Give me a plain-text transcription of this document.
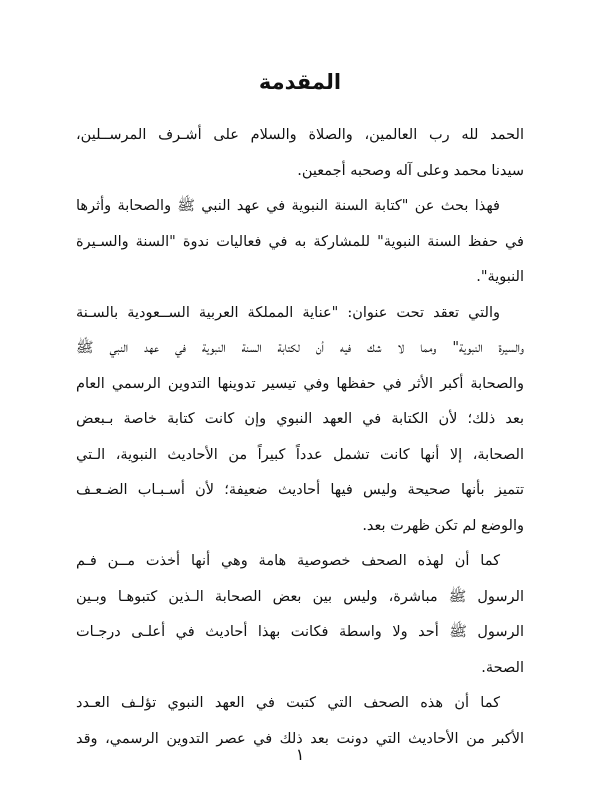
المقدمة
الحمد لله رب العالمين، والصلاة والسلام على أشـرف المرســلين،
سيدنا محمد وعلى آله وصحبه أجمعين.
فهذا بحث عن "كتابة السنة النبوية في عهد النبي ﷺ والصحابة وأثرها
في حفظ السنة النبوية" للمشاركة به في فعاليات ندوة "السنة والسـيرة
النبوية".
والتي تعقد تحت عنوان: "عناية المملكة العربية الســعودية بالسـنة
والسيرة النبوية" ومما لا شك فيه أن لكتابة السنة النبوية في عهد النبي ﷺ
والصحابة أكبر الأثر في حفظها وفي تيسير تدوينها التدوين الرسمي العام
بعد ذلك؛ لأن الكتابة في العهد النبوي وإن كانت كتابة خاصة بـبعض
الصحابة، إلا أنها كانت تشمل عدداً كبيراً من الأحاديث النبوية، الـتي
تتميز بأنها صحيحة وليس فيها أحاديث ضعيفة؛ لأن أسـبـاب الضـعـف
والوضع لم تكن ظهرت بعد.
كما أن لهذه الصحف خصوصية هامة وهي أنها أخذت مــن فـم
الرسول ﷺ مباشرة، وليس بين بعض الصحابة الـذين كتبوهـا وبـين
الرسول ﷺ أحد ولا واسطة فكانت بهذا أحاديث في أعلـى درجـات
الصحة.
كما أن هذه الصحف التي كتبت في العهد النبوي تؤلـف العـدد
الأكبر من الأحاديث التي دونت بعد ذلك في عصر التدوين الرسمي، وقد
١
